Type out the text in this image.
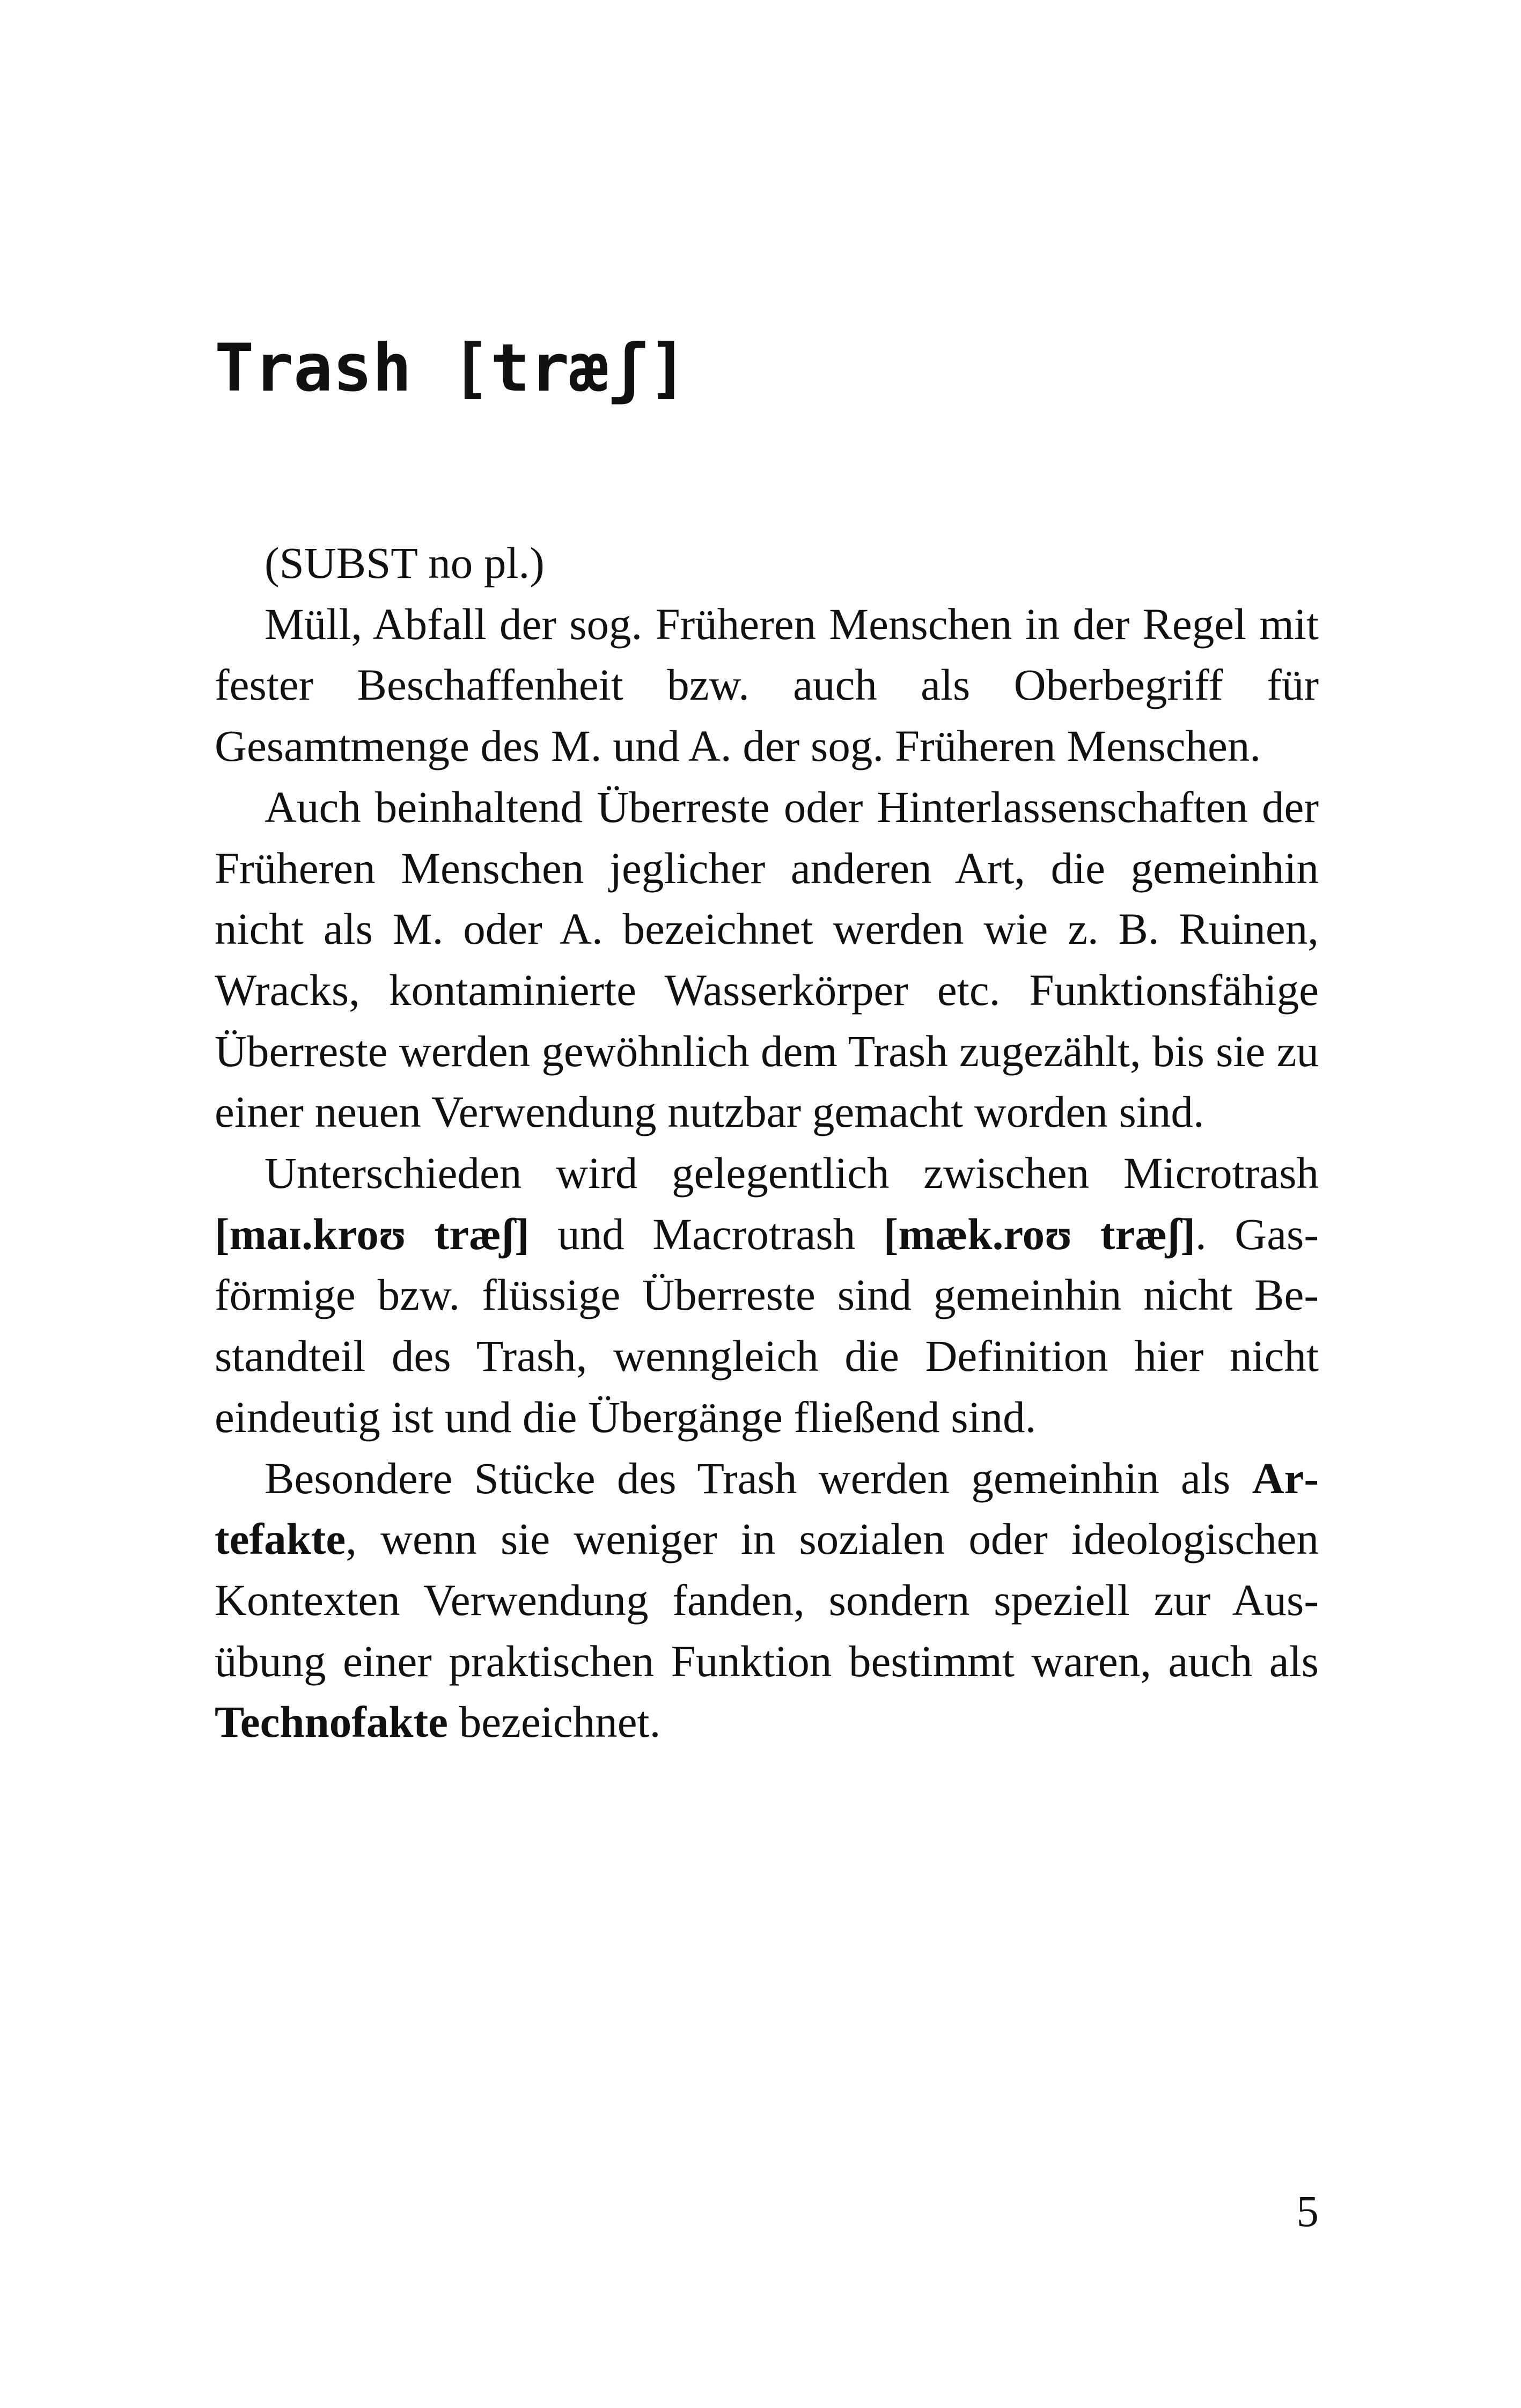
Trash [træʃ]

(SUBST no pl.)

Müll, Abfall der sog. Früheren Menschen in der Regel mit fester Beschaffenheit bzw. auch als Oberbegriff für Gesamtmenge des M. und A. der sog. Früheren Menschen.

Auch beinhaltend Überreste oder Hinterlassenschaften der Früheren Menschen jeglicher anderen Art, die gemeinhin nicht als M. oder A. bezeichnet werden wie z. B. Ruinen, Wracks, kontaminierte Wasserkörper etc. Funktionsfähige Überreste werden gewöhnlich dem Trash zugezählt, bis sie zu einer neuen Verwendung nutzbar gemacht worden sind.

Unterschieden wird gelegentlich zwischen Microtrash [maɪ.kroʊ træʃ] und Macrotrash [mæk.roʊ træʃ]. Gasförmige bzw. flüssige Überreste sind gemeinhin nicht Bestandteil des Trash, wenngleich die Definition hier nicht eindeutig ist und die Übergänge fließend sind.

Besondere Stücke des Trash werden gemeinhin als Artefakte, wenn sie weniger in sozialen oder ideologischen Kontexten Verwendung fanden, sondern speziell zur Ausübung einer praktischen Funktion bestimmt waren, auch als Technofakte bezeichnet.

5
